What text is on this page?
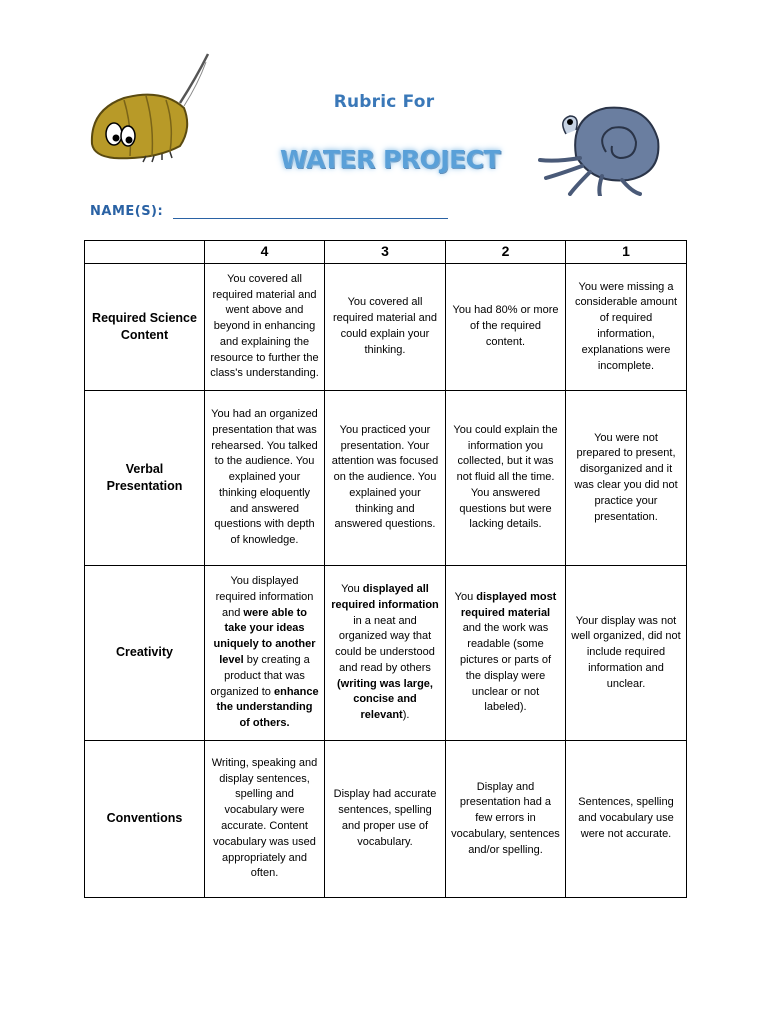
Rubric For
WATER PROJECT
NAME(S):
	4	3	2	1
Required Science Content	You covered all required material and went above and beyond in enhancing and explaining the resource to further the class's understanding.	You covered all required material and could explain your thinking.	You had 80% or more of the required content.	You were missing a considerable amount of required information, explanations were incomplete.
Verbal Presentation	You had an organized presentation that was rehearsed. You talked to the audience. You explained your thinking eloquently and answered questions with depth of knowledge.	You practiced your presentation. Your attention was focused on the audience. You explained your thinking and answered questions.	You could explain the information you collected, but it was not fluid all the time. You answered questions but were lacking details.	You were not prepared to present, disorganized and it was clear you did not practice your presentation.
Creativity	You displayed required information and were able to take your ideas uniquely to another level by creating a product that was organized to enhance the understanding of others.	You displayed all required information in a neat and organized way that could be understood and read by others (writing was large, concise and relevant).	You displayed most required material and the work was readable (some pictures or parts of the display were unclear or not labeled).	Your display was not well organized, did not include required information and unclear.
Conventions	Writing, speaking and display sentences, spelling and vocabulary were accurate. Content vocabulary was used appropriately and often.	Display had accurate sentences, spelling and proper use of vocabulary.	Display and presentation had a few errors in vocabulary, sentences and/or spelling.	Sentences, spelling and vocabulary use were not accurate.
